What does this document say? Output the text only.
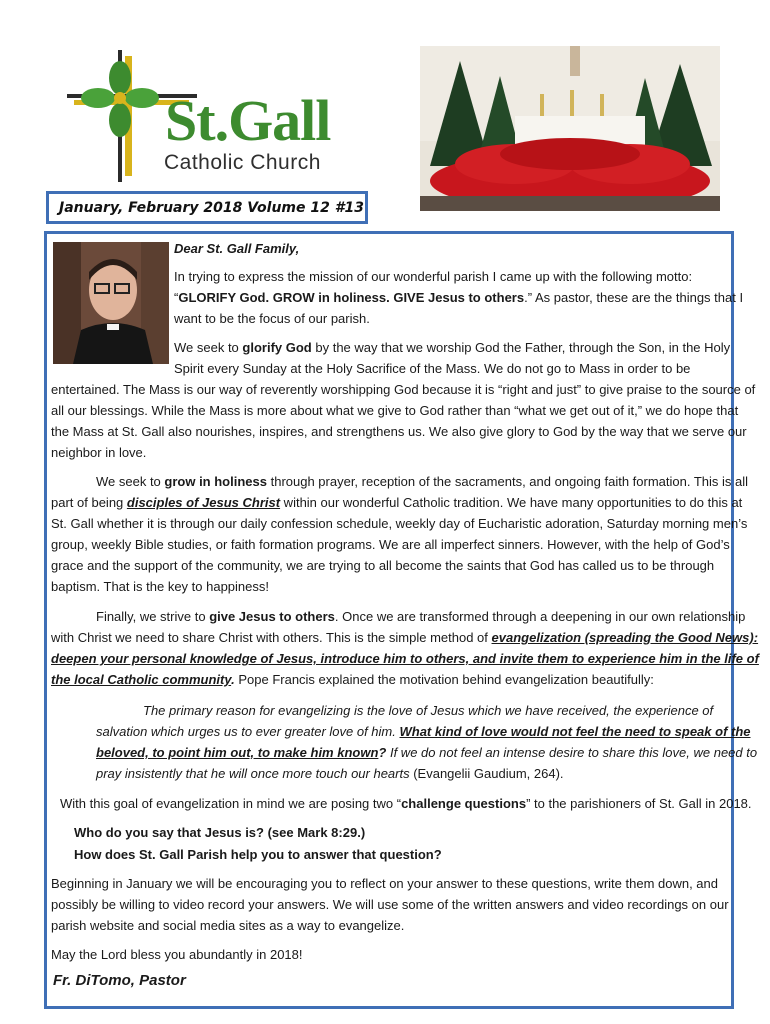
St.Gall
Catholic Church
January, February 2018 Volume 12 #13
Dear St. Gall Family,
In trying to express the mission of our wonderful parish I came up with the following motto:
“GLORIFY God. GROW in holiness. GIVE Jesus to others.” As pastor, these are the things that I
want to be the focus of our parish.
We seek to glorify God by the way that we worship God the Father, through the Son, in the Holy
Spirit every Sunday at the Holy Sacrifice of the Mass. We do not go to Mass in order to be
entertained. The Mass is our way of reverently worshipping God because it is “right and just” to give praise to the source of
all our blessings. While the Mass is more about what we give to God rather than “what we get out of it,” we do hope that
the Mass at St. Gall also nourishes, inspires, and strengthens us. We also give glory to God by the way that we serve our
neighbor in love.
We seek to grow in holiness through prayer, reception of the sacraments, and ongoing faith formation. This is all
part of being disciples of Jesus Christ within our wonderful Catholic tradition. We have many opportunities to do this at
St. Gall whether it is through our daily confession schedule, weekly day of Eucharistic adoration, Saturday morning men’s
group, weekly Bible studies, or faith formation programs. We are all imperfect sinners. However, with the help of God’s
grace and the support of the community, we are trying to all become the saints that God has called us to be through
baptism. That is the key to happiness!
Finally, we strive to give Jesus to others. Once we are transformed through a deepening in our own relationship
with Christ we need to share Christ with others. This is the simple method of evangelization (spreading the Good News):
deepen your personal knowledge of Jesus, introduce him to others, and invite them to experience him in the life of
the local Catholic community. Pope Francis explained the motivation behind evangelization beautifully:
The primary reason for evangelizing is the love of Jesus which we have received, the experience of
salvation which urges us to ever greater love of him. What kind of love would not feel the need to speak of the
beloved, to point him out, to make him known? If we do not feel an intense desire to share this love, we need to
pray insistently that he will once more touch our hearts (Evangelii Gaudium, 264).
With this goal of evangelization in mind we are posing two “challenge questions” to the parishioners of St. Gall in 2018.
Who do you say that Jesus is? (see Mark 8:29.)
How does St. Gall Parish help you to answer that question?
Beginning in January we will be encouraging you to reflect on your answer to these questions, write them down, and
possibly be willing to video record your answers. We will use some of the written answers and video recordings on our
parish website and social media sites as a way to evangelize.
May the Lord bless you abundantly in 2018!
Fr. DiTomo, Pastor
